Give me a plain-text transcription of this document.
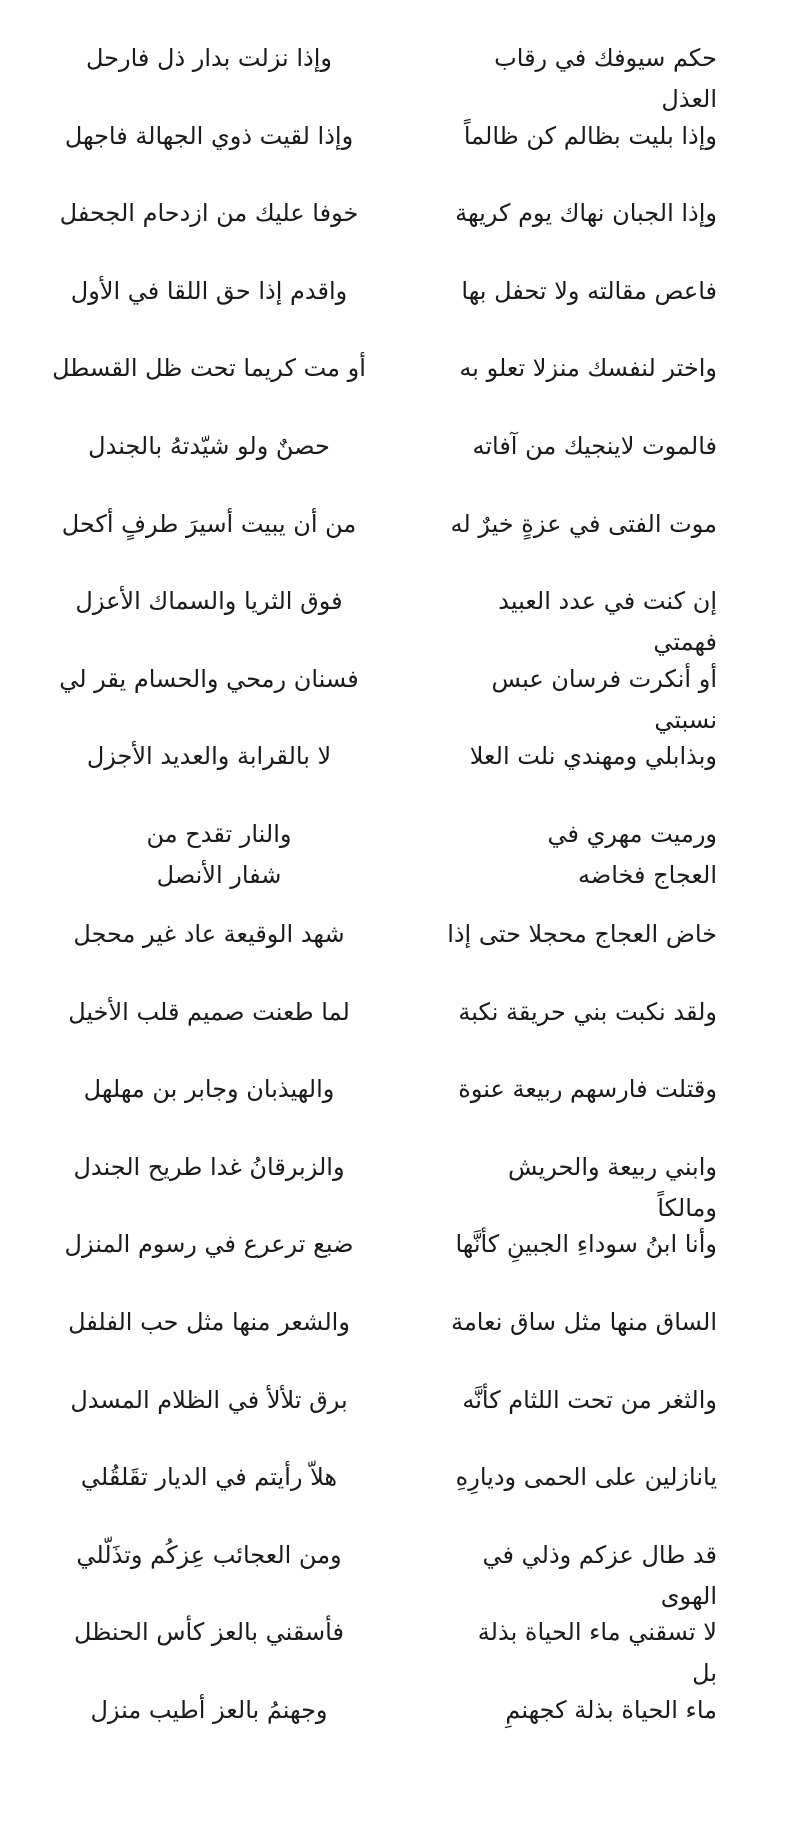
حكم سيوفك في رقاب العذل
وإذا نزلت بدار ذل فارحل
وإذا بليت بظالم كن ظالماً
وإذا لقيت ذوي الجهالة فاجهل
وإذا الجبان نهاك يوم كريهة
خوفا عليك من ازدحام الجحفل
فاعص مقالته ولا تحفل بها
واقدم إذا حق اللقا في الأول
واختر لنفسك منزلا تعلو به
أو مت كريما تحت ظل القسطل
فالموت لاينجيك من آفاته
حصنٌ ولو شيّدتهُ بالجندل
موت الفتى في عزةٍ خيرٌ له
من أن يبيت أسيرَ طرفٍ أكحل
إن كنت في عدد العبيد فهمتي
فوق الثريا والسماك الأعزل
أو أنكرت فرسان عبس نسبتي
فسنان رمحي والحسام يقر لي
وبذابلي ومهندي نلت العلا
لا بالقرابة والعديد الأجزل
ورميت مهري في العجاج فخاضه
والنار تقدح من شفار الأنصل
خاض العجاج محجلا حتى إذا
شهد الوقيعة عاد غير محجل
ولقد نكبت بني حريقة نكبة
لما طعنت صميم قلب الأخيل
وقتلت فارسهم ربيعة عنوة
والهيذبان وجابر بن مهلهل
وابني ربيعة والحريش ومالكاً
والزبرقانُ غدا طريح الجندل
وأنا ابنُ سوداءِ الجبينِ كأنَّها
ضبع ترعرع في رسوم المنزل
الساق منها مثل ساق نعامة
والشعر منها مثل حب الفلفل
والثغر من تحت اللثام كأنَّه
برق تلألأ في الظلام المسدل
يانازلين على الحمى وديارِهِ
هلاّ رأيتم في الديار تقَلقُلي
قد طال عزكم وذلي في الهوى
ومن العجائب عِزكُم وتذَلّلي
لا تسقني ماء الحياة بذلة بل
فأسقني بالعز كأس الحنظل
ماء الحياة بذلة كجهنمِ
وجهنمُ بالعز أطيب منزل
